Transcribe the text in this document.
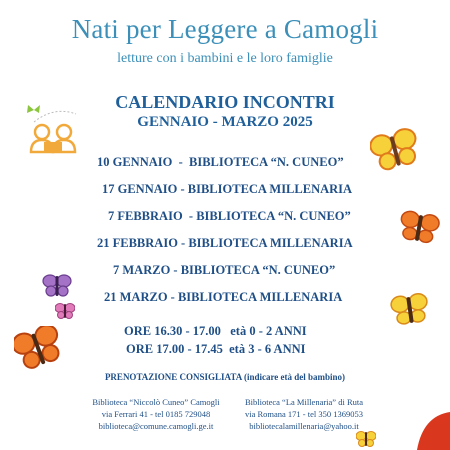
Nati per Leggere a Camogli
letture con i bambini e le loro famiglie
CALENDARIO INCONTRI
GENNAIO - MARZO 2025
10 GENNAIO  -  BIBLIOTECA “N. CUNEO”
17 GENNAIO - BIBLIOTECA MILLENARIA
7 FEBBRAIO  - BIBLIOTECA “N. CUNEO”
21 FEBBRAIO - BIBLIOTECA MILLENARIA
7 MARZO - BIBLIOTECA “N. CUNEO”
21 MARZO - BIBLIOTECA MILLENARIA
ORE 16.30 - 17.00   età 0 - 2 ANNI
ORE 17.00 - 17.45  età 3 - 6 ANNI
PRENOTAZIONE CONSIGLIATA (indicare età del bambino)
Biblioteca “Niccolò Cuneo” Camogli
via Ferrari 41 - tel 0185 729048
biblioteca@comune.camogli.ge.it
Biblioteca “La Millenaria” di Ruta
via Romana 171 - tel 350 1369053
bibliotecalamillenaria@yahoo.it
